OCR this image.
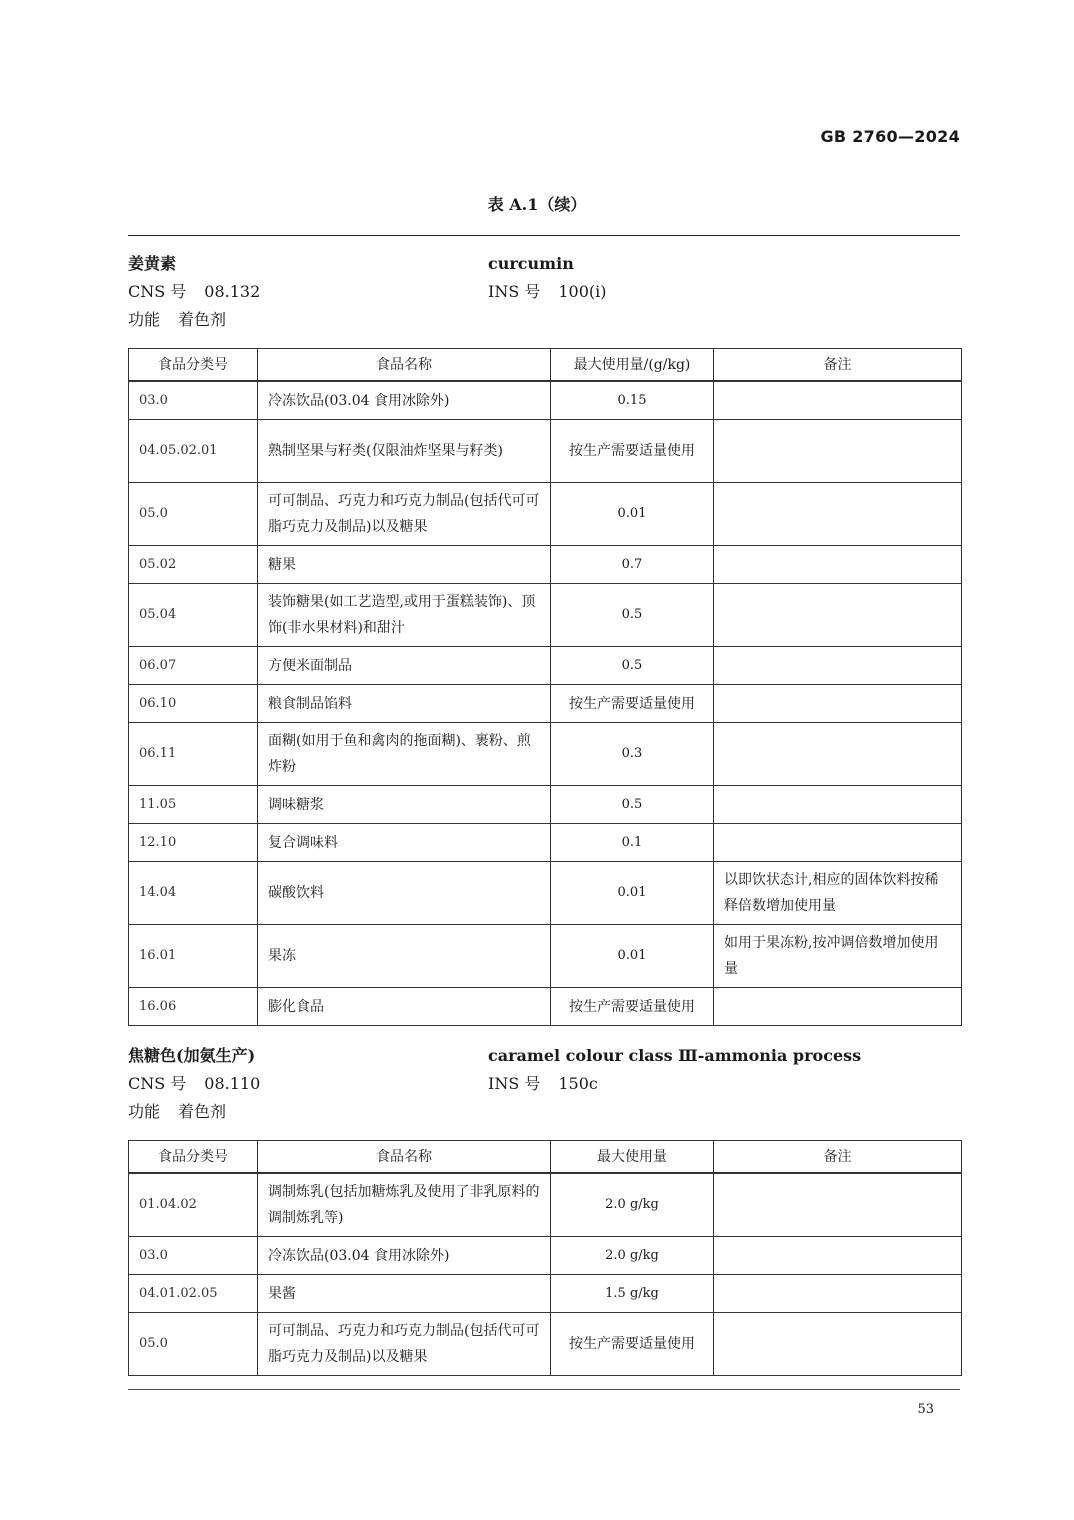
GB 2760—2024
表 A.1（续）
姜黄素	curcumin
CNS 号 08.132	INS 号 100(i)
功能 着色剂
食品分类号	食品名称	最大使用量/(g/kg)	备注
03.0	冷冻饮品(03.04 食用冰除外)	0.15	
04.05.02.01	熟制坚果与籽类(仅限油炸坚果与籽类)	按生产需要适量使用	
05.0	可可制品、巧克力和巧克力制品(包括代可可脂巧克力及制品)以及糖果	0.01	
05.02	糖果	0.7	
05.04	装饰糖果(如工艺造型,或用于蛋糕装饰)、顶饰(非水果材料)和甜汁	0.5	
06.07	方便米面制品	0.5	
06.10	粮食制品馅料	按生产需要适量使用	
06.11	面糊(如用于鱼和禽肉的拖面糊)、裹粉、煎炸粉	0.3	
11.05	调味糖浆	0.5	
12.10	复合调味料	0.1	
14.04	碳酸饮料	0.01	以即饮状态计,相应的固体饮料按稀释倍数增加使用量
16.01	果冻	0.01	如用于果冻粉,按冲调倍数增加使用量
16.06	膨化食品	按生产需要适量使用	
焦糖色(加氨生产)	caramel colour class Ⅲ-ammonia process
CNS 号 08.110	INS 号 150c
功能 着色剂
食品分类号	食品名称	最大使用量	备注
01.04.02	调制炼乳(包括加糖炼乳及使用了非乳原料的调制炼乳等)	2.0 g/kg	
03.0	冷冻饮品(03.04 食用冰除外)	2.0 g/kg	
04.01.02.05	果酱	1.5 g/kg	
05.0	可可制品、巧克力和巧克力制品(包括代可可脂巧克力及制品)以及糖果	按生产需要适量使用	
53
